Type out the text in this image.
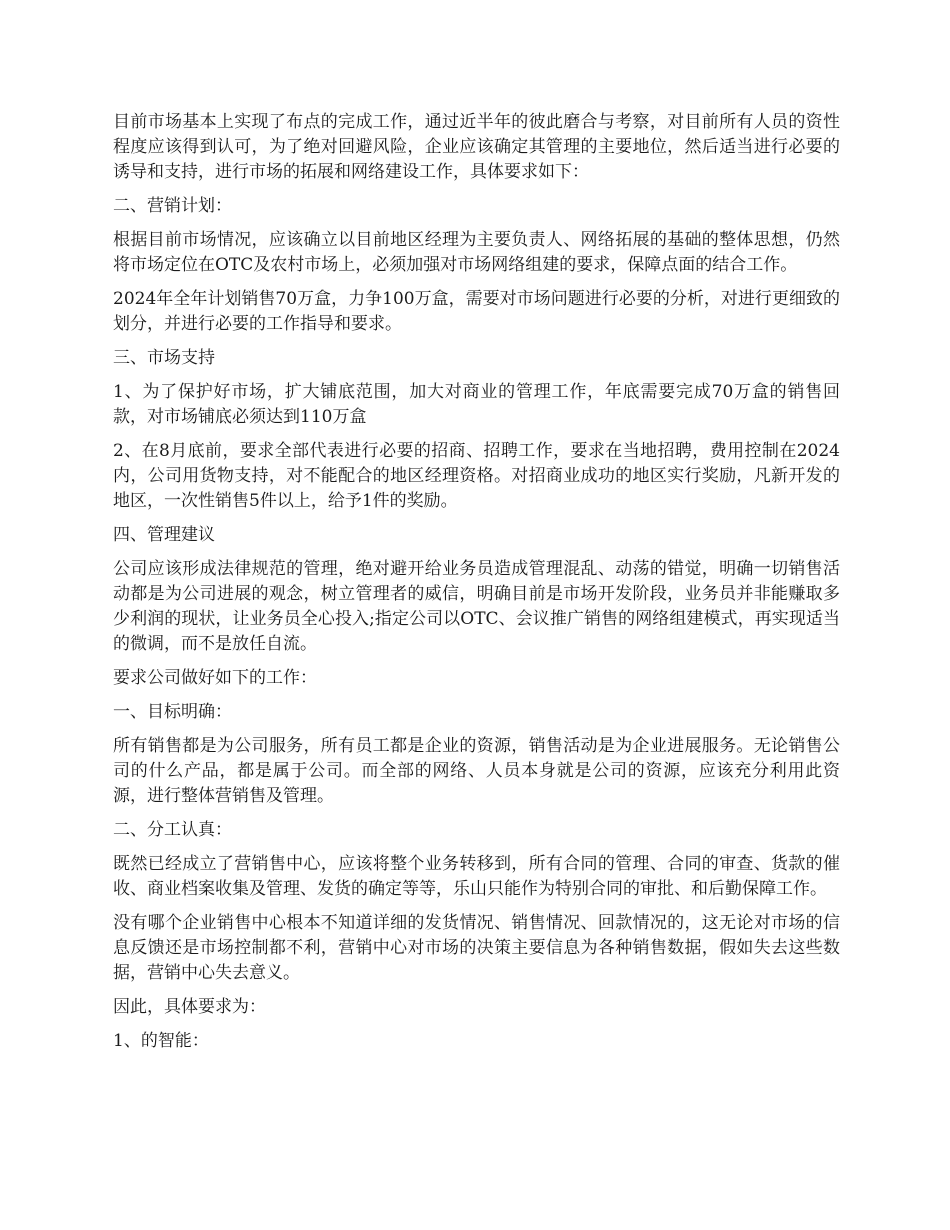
目前市场基本上实现了布点的完成工作，通过近半年的彼此磨合与考察，对目前所有人员的资性程度应该得到认可，为了绝对回避风险，企业应该确定其管理的主要地位，然后适当进行必要的诱导和支持，进行市场的拓展和网络建设工作，具体要求如下：

二、营销计划：

根据目前市场情况，应该确立以目前地区经理为主要负责人、网络拓展的基础的整体思想，仍然将市场定位在OTC及农村市场上，必须加强对市场网络组建的要求，保障点面的结合工作。

2024年全年计划销售70万盒，力争100万盒，需要对市场问题进行必要的分析，对进行更细致的划分，并进行必要的工作指导和要求。

三、市场支持

1、为了保护好市场，扩大铺底范围，加大对商业的管理工作，年底需要完成70万盒的销售回款，对市场铺底必须达到110万盒

2、在8月底前，要求全部代表进行必要的招商、招聘工作，要求在当地招聘，费用控制在2024内，公司用货物支持，对不能配合的地区经理资格。对招商业成功的地区实行奖励，凡新开发的地区，一次性销售5件以上，给予1件的奖励。

四、管理建议

公司应该形成法律规范的管理，绝对避开给业务员造成管理混乱、动荡的错觉，明确一切销售活动都是为公司进展的观念，树立管理者的威信，明确目前是市场开发阶段，业务员并非能赚取多少利润的现状，让业务员全心投入;指定公司以OTC、会议推广销售的网络组建模式，再实现适当的微调，而不是放任自流。

要求公司做好如下的工作：

一、目标明确：

所有销售都是为公司服务，所有员工都是企业的资源，销售活动是为企业进展服务。无论销售公司的什么产品，都是属于公司。而全部的网络、人员本身就是公司的资源，应该充分利用此资源，进行整体营销售及管理。

二、分工认真：

既然已经成立了营销售中心，应该将整个业务转移到，所有合同的管理、合同的审查、货款的催收、商业档案收集及管理、发货的确定等等，乐山只能作为特别合同的审批、和后勤保障工作。

没有哪个企业销售中心根本不知道详细的发货情况、销售情况、回款情况的，这无论对市场的信息反馈还是市场控制都不利，营销中心对市场的决策主要信息为各种销售数据，假如失去这些数据，营销中心失去意义。

因此，具体要求为：

1、的智能：
